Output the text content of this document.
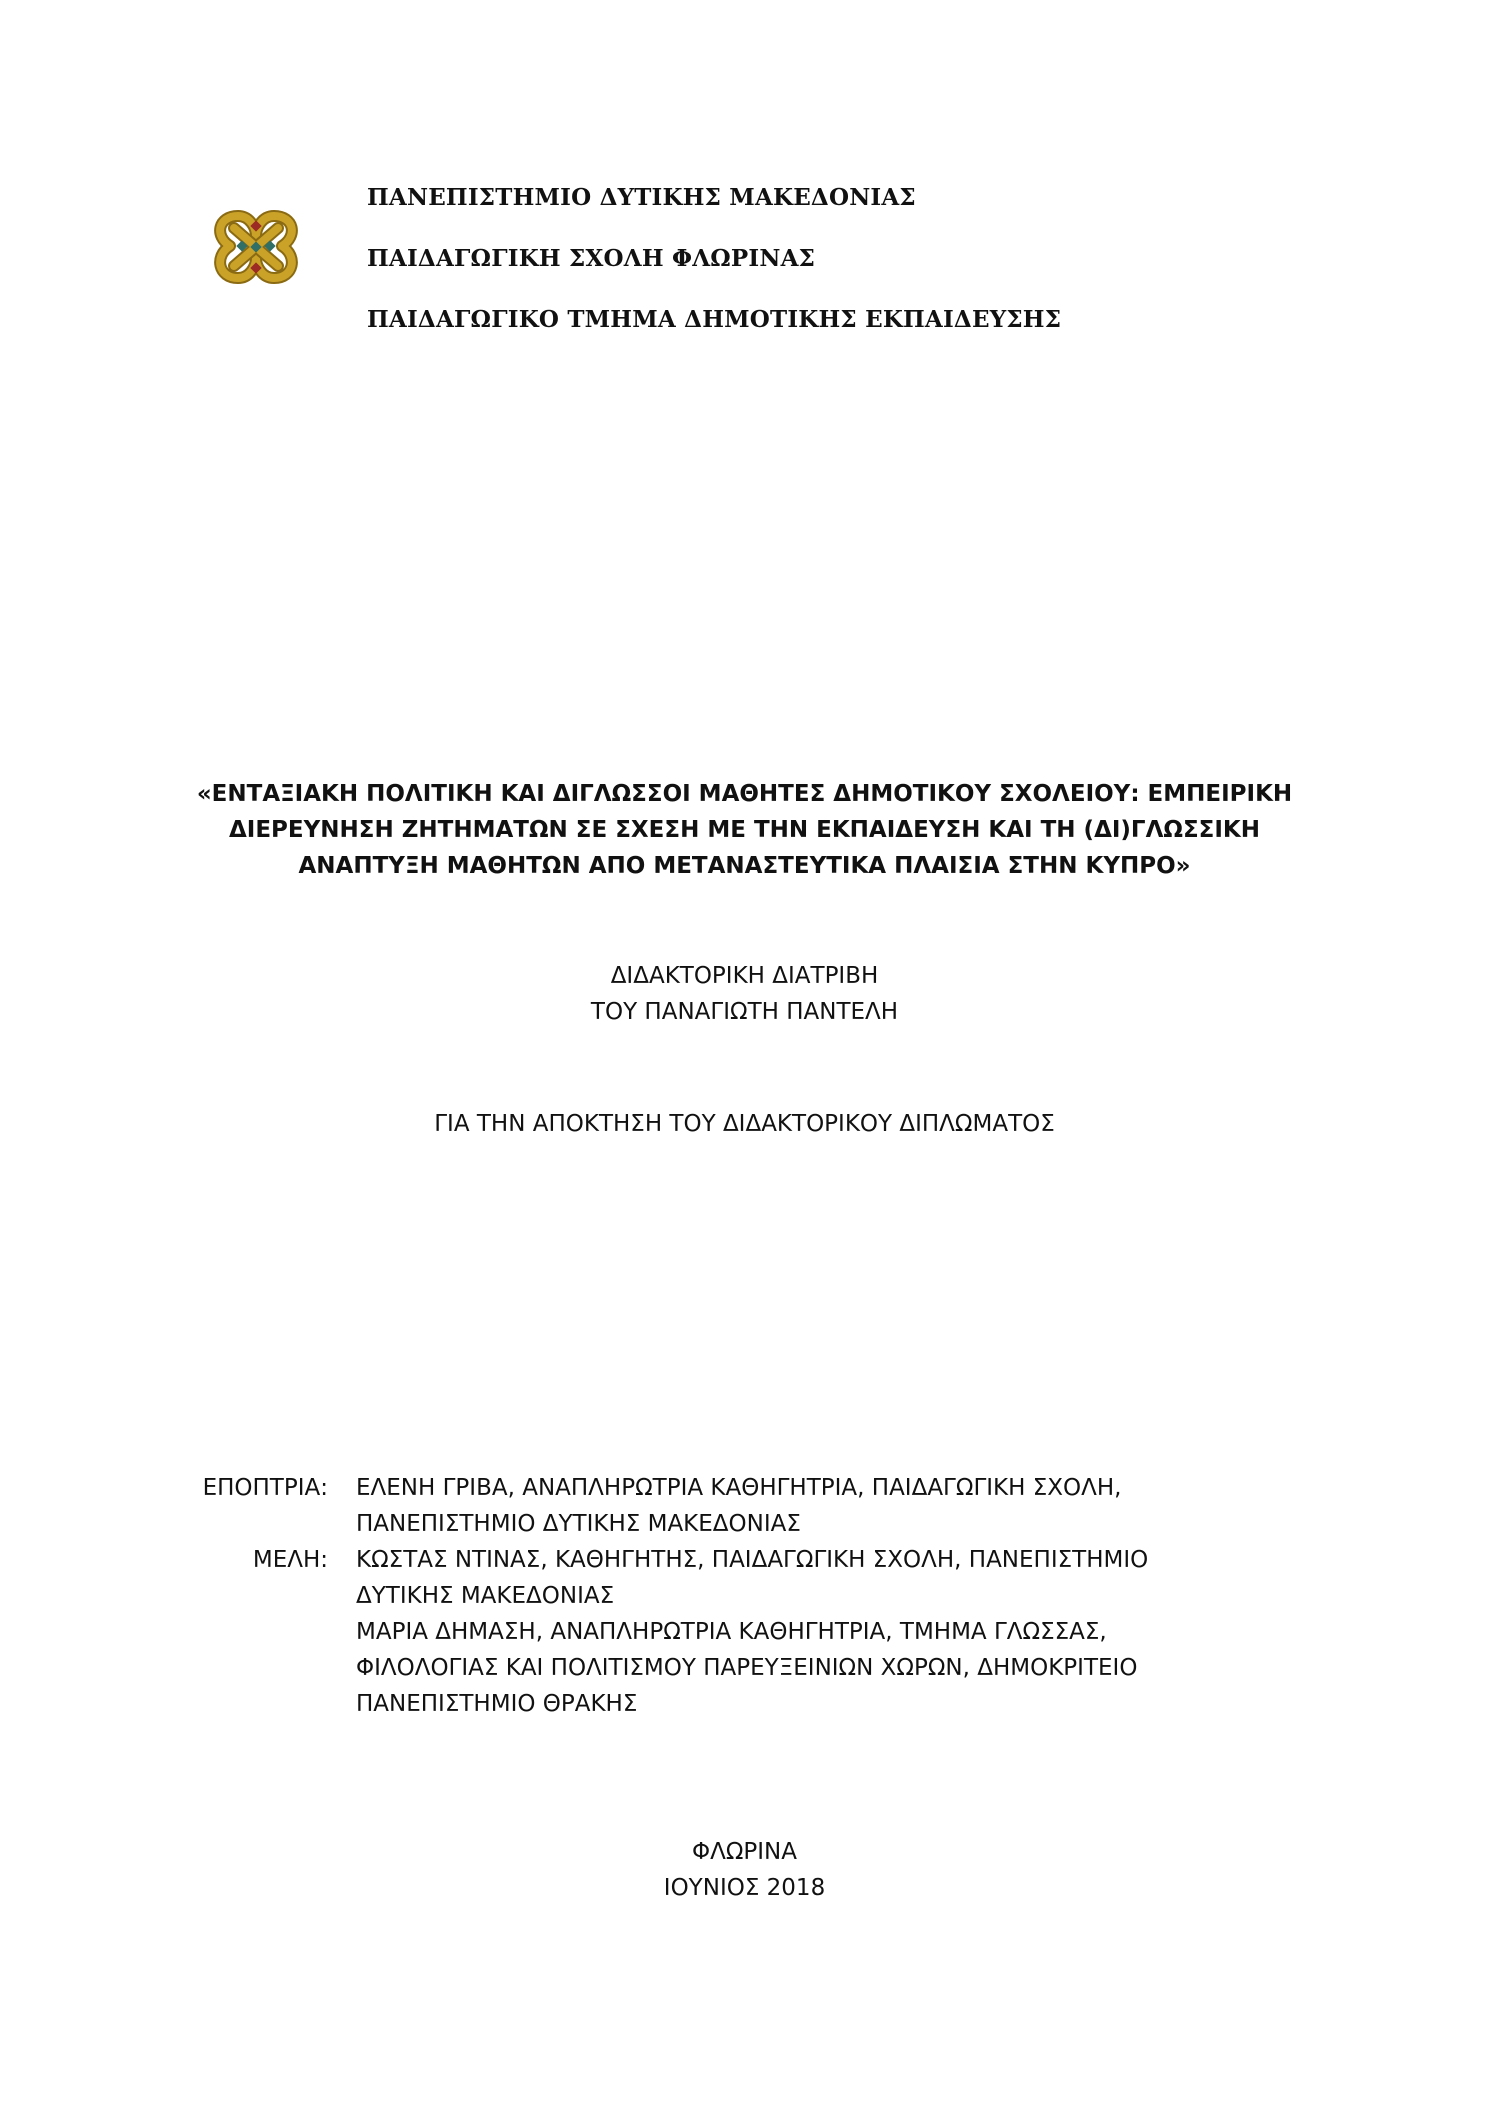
ΠΑΝΕΠΙΣΤΗΜΙΟ ΔΥΤΙΚΗΣ ΜΑΚΕΔΟΝΙΑΣ
ΠΑΙΔΑΓΩΓΙΚΗ ΣΧΟΛΗ ΦΛΩΡΙΝΑΣ
ΠΑΙΔΑΓΩΓΙΚΟ ΤΜΗΜΑ ΔΗΜΟΤΙΚΗΣ ΕΚΠΑΙΔΕΥΣΗΣ
«ΕΝΤΑΞΙΑΚΗ ΠΟΛΙΤΙΚΗ ΚΑΙ ΔΙΓΛΩΣΣΟΙ ΜΑΘΗΤΕΣ ΔΗΜΟΤΙΚΟΥ ΣΧΟΛΕΙΟΥ: ΕΜΠΕΙΡΙΚΗ
ΔΙΕΡΕΥΝΗΣΗ ΖΗΤΗΜΑΤΩΝ ΣΕ ΣΧΕΣΗ ΜΕ ΤΗΝ ΕΚΠΑΙΔΕΥΣΗ ΚΑΙ ΤΗ (ΔΙ)ΓΛΩΣΣΙΚΗ
ΑΝΑΠΤΥΞΗ ΜΑΘΗΤΩΝ ΑΠΟ ΜΕΤΑΝΑΣΤΕΥΤΙΚΑ ΠΛΑΙΣΙΑ ΣΤΗΝ ΚΥΠΡΟ»
ΔΙΔΑΚΤΟΡΙΚΗ ΔΙΑΤΡΙΒΗ
ΤΟΥ ΠΑΝΑΓΙΩΤΗ ΠΑΝΤΕΛΗ
ΓΙΑ ΤΗΝ ΑΠΟΚΤΗΣΗ ΤΟΥ ΔΙΔΑΚΤΟΡΙΚΟΥ ΔΙΠΛΩΜΑΤΟΣ
ΕΠΟΠΤΡΙΑ:	ΕΛΕΝΗ ΓΡΙΒΑ, ΑΝΑΠΛΗΡΩΤΡΙΑ ΚΑΘΗΓΗΤΡΙΑ, ΠΑΙΔΑΓΩΓΙΚΗ ΣΧΟΛΗ,
ΠΑΝΕΠΙΣΤΗΜΙΟ ΔΥΤΙΚΗΣ ΜΑΚΕΔΟΝΙΑΣ
ΜΕΛΗ:	ΚΩΣΤΑΣ ΝΤΙΝΑΣ, ΚΑΘΗΓΗΤΗΣ, ΠΑΙΔΑΓΩΓΙΚΗ ΣΧΟΛΗ, ΠΑΝΕΠΙΣΤΗΜΙΟ
ΔΥΤΙΚΗΣ ΜΑΚΕΔΟΝΙΑΣ
ΜΑΡΙΑ ΔΗΜΑΣΗ, ΑΝΑΠΛΗΡΩΤΡΙΑ ΚΑΘΗΓΗΤΡΙΑ, ΤΜΗΜΑ ΓΛΩΣΣΑΣ,
ΦΙΛΟΛΟΓΙΑΣ ΚΑΙ ΠΟΛΙΤΙΣΜΟΥ ΠΑΡΕΥΞΕΙΝΙΩΝ ΧΩΡΩΝ, ΔΗΜΟΚΡΙΤΕΙΟ
ΠΑΝΕΠΙΣΤΗΜΙΟ ΘΡΑΚΗΣ
ΦΛΩΡΙΝΑ
ΙΟΥΝΙΟΣ 2018
